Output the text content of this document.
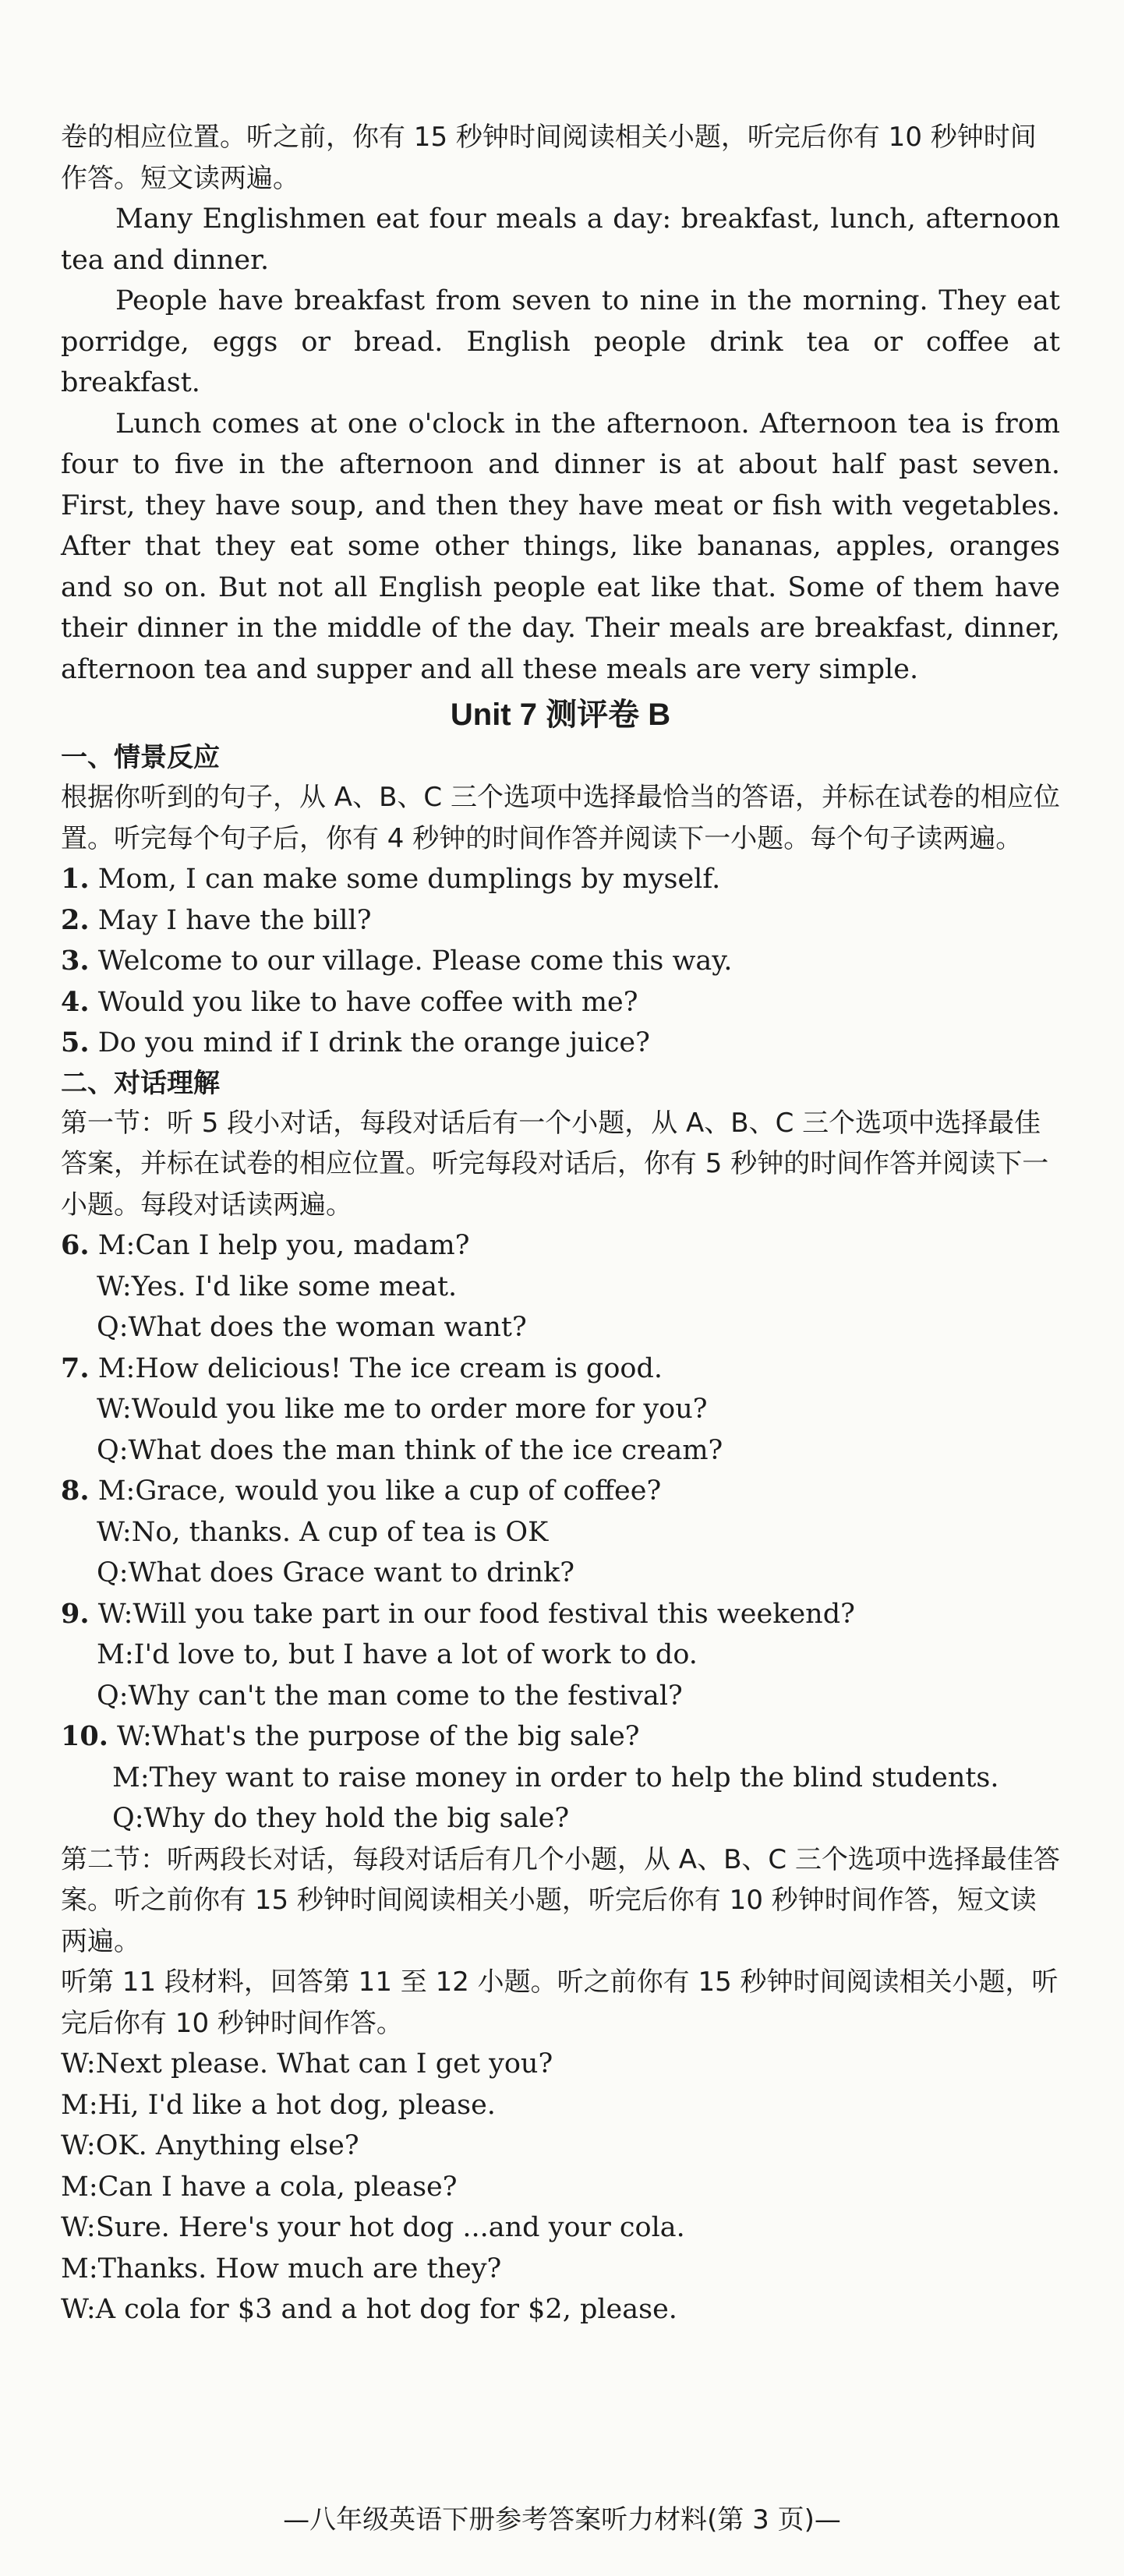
卷的相应位置。听之前，你有 15 秒钟时间阅读相关小题，听完后你有 10 秒钟时间作答。短文读两遍。

Many Englishmen eat four meals a day: breakfast, lunch, afternoon tea and dinner.

People have breakfast from seven to nine in the morning. They eat porridge, eggs or bread. English people drink tea or coffee at breakfast.

Lunch comes at one o'clock in the afternoon. Afternoon tea is from four to five in the afternoon and dinner is at about half past seven. First, they have soup, and then they have meat or fish with vegetables. After that they eat some other things, like bananas, apples, oranges and so on. But not all English people eat like that. Some of them have their dinner in the middle of the day. Their meals are breakfast, dinner, afternoon tea and supper and all these meals are very simple.

Unit 7 测评卷 B

一、情景反应

根据你听到的句子，从 A、B、C 三个选项中选择最恰当的答语，并标在试卷的相应位置。听完每个句子后，你有 4 秒钟的时间作答并阅读下一小题。每个句子读两遍。

1. Mom, I can make some dumplings by myself.

2. May I have the bill?

3. Welcome to our village. Please come this way.

4. Would you like to have coffee with me?

5. Do you mind if I drink the orange juice?

二、对话理解

第一节：听 5 段小对话，每段对话后有一个小题，从 A、B、C 三个选项中选择最佳答案，并标在试卷的相应位置。听完每段对话后，你有 5 秒钟的时间作答并阅读下一小题。每段对话读两遍。

6. M:Can I help you, madam?

W:Yes. I'd like some meat.

Q:What does the woman want?

7. M:How delicious! The ice cream is good.

W:Would you like me to order more for you?

Q:What does the man think of the ice cream?

8. M:Grace, would you like a cup of coffee?

W:No, thanks. A cup of tea is OK

Q:What does Grace want to drink?

9. W:Will you take part in our food festival this weekend?

M:I'd love to, but I have a lot of work to do.

Q:Why can't the man come to the festival?

10. W:What's the purpose of the big sale?

M:They want to raise money in order to help the blind students.

Q:Why do they hold the big sale?

第二节：听两段长对话，每段对话后有几个小题，从 A、B、C 三个选项中选择最佳答案。听之前你有 15 秒钟时间阅读相关小题，听完后你有 10 秒钟时间作答，短文读两遍。

听第 11 段材料，回答第 11 至 12 小题。听之前你有 15 秒钟时间阅读相关小题，听完后你有 10 秒钟时间作答。

W:Next please. What can I get you?

M:Hi, I'd like a hot dog, please.

W:OK. Anything else?

M:Can I have a cola, please?

W:Sure. Here's your hot dog ...and your cola.

M:Thanks. How much are they?

W:A cola for $3 and a hot dog for $2, please.

—八年级英语下册参考答案听力材料(第 3 页)—
